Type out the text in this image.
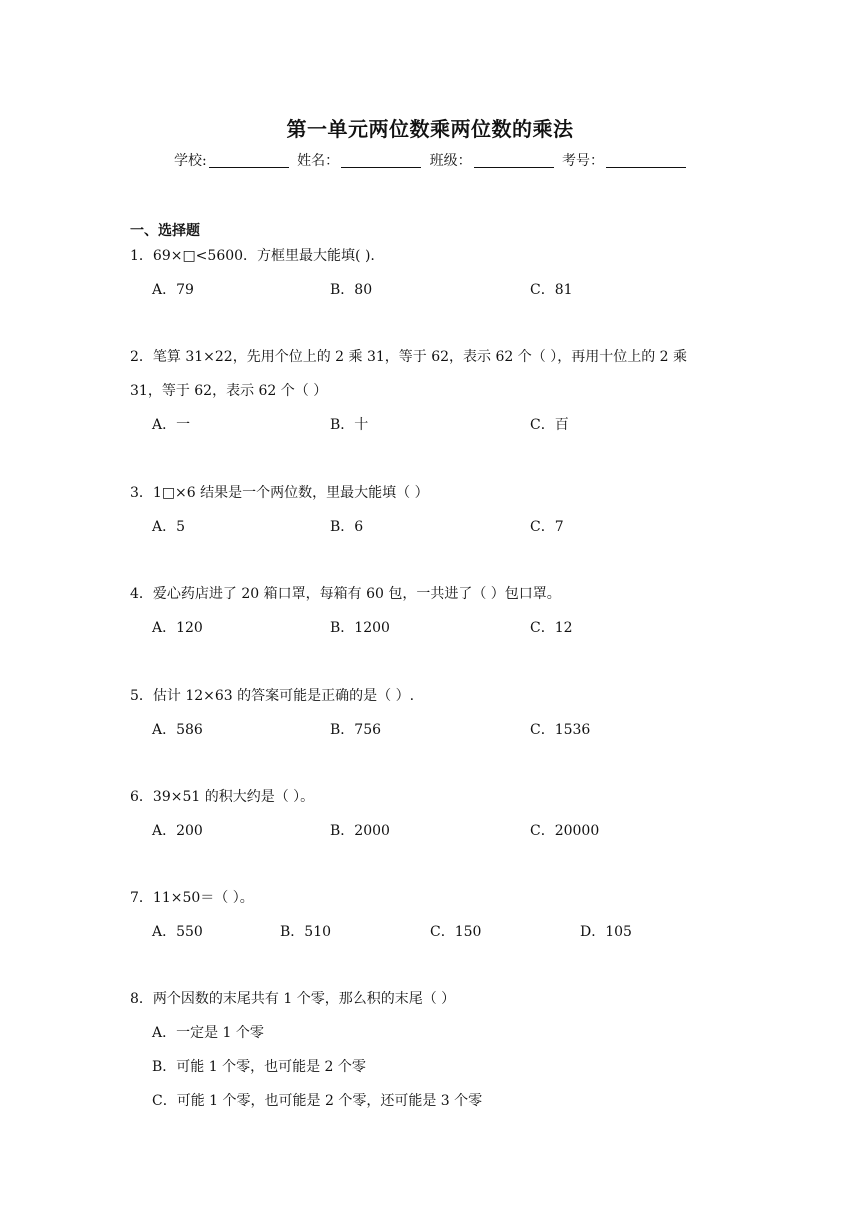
第一单元两位数乘两位数的乘法
学校:	姓名：	班级：	考号：
一、选择题
1．69×□<5600．方框里最大能填( ).
A．79	B．80	C．81
2．笔算 31×22，先用个位上的 2 乘 31，等于 62，表示 62 个（ ），再用十位上的 2 乘
31，等于 62，表示 62 个（ ）
A．一	B．十	C．百
3．1□×6 结果是一个两位数，里最大能填（ ）
A．5	B．6	C．7
4．爱心药店进了 20 箱口罩，每箱有 60 包，一共进了（ ）包口罩。
A．120	B．1200	C．12
5．估计 12×63 的答案可能是正确的是（ ）.
A．586	B．756	C．1536
6．39×51 的积大约是（ ）。
A．200	B．2000	C．20000
7．11×50＝（ ）。
A．550	B．510	C．150	D．105
8．两个因数的末尾共有 1 个零，那么积的末尾（ ）
A．一定是 1 个零
B．可能 1 个零，也可能是 2 个零
C．可能 1 个零，也可能是 2 个零，还可能是 3 个零
